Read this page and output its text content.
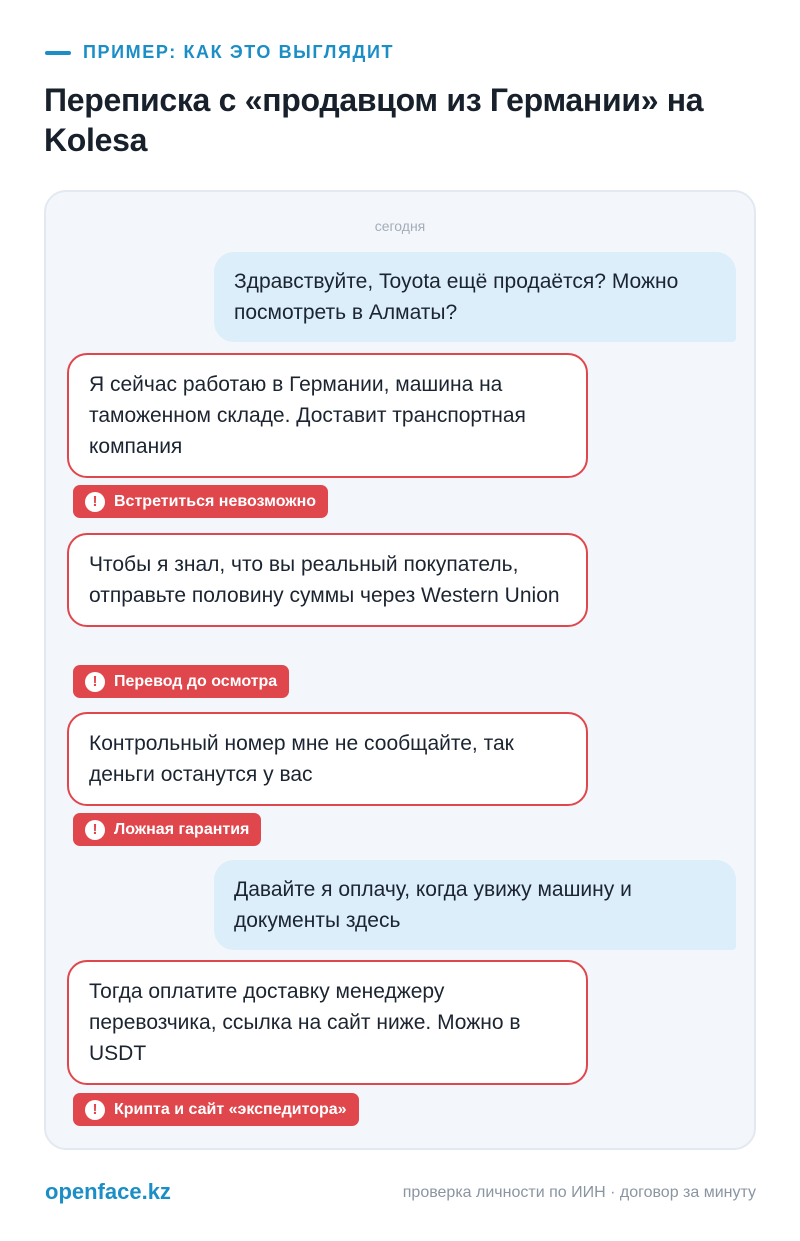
ПРИМЕР: КАК ЭТО ВЫГЛЯДИТ
Переписка с «продавцом из Германии» на Kolesa
сегодня
Здравствуйте, Toyota ещё продаётся? Можно посмотреть в Алматы?
Я сейчас работаю в Германии, машина на таможенном складе. Доставит транспортная компания
!	Встретиться невозможно
Чтобы я знал, что вы реальный покупатель, отправьте половину суммы через Western Union
!	Перевод до осмотра
Контрольный номер мне не сообщайте, так деньги останутся у вас
!	Ложная гарантия
Давайте я оплачу, когда увижу машину и документы здесь
Тогда оплатите доставку менеджеру перевозчика, ссылка на сайт ниже. Можно в USDT
!	Крипта и сайт «экспедитора»
openface.kz	проверка личности по ИИН · договор за минуту
